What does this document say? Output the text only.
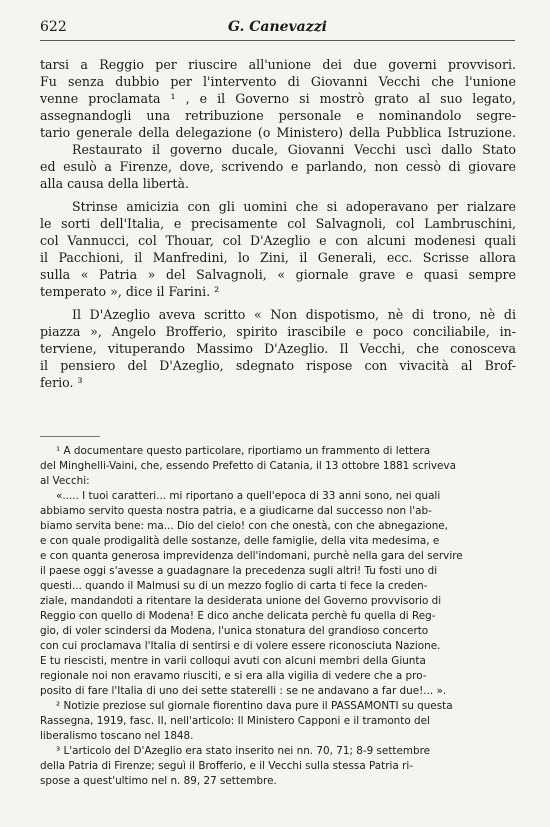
622	G. Canevazzi
tarsi a Reggio per riuscire all'unione dei due governi provvisori.
Fu senza dubbio per l'intervento di Giovanni Vecchi che l'unione
venne proclamata ¹ , e il Governo si mostrò grato al suo legato,
assegnandogli una retribuzione personale e nominandolo segre-
tario generale della delegazione (o Ministero) della Pubblica Istruzione.
Restaurato il governo ducale, Giovanni Vecchi uscì dallo Stato
ed esulò a Firenze, dove, scrivendo e parlando, non cessò di giovare
alla causa della libertà.
Strinse amicizia con gli uomini che si adoperavano per rialzare
le sorti dell'Italia, e precisamente col Salvagnoli, col Lambruschini,
col Vannucci, col Thouar, col D'Azeglio e con alcuni modenesi quali
il Pacchioni, il Manfredini, lo Zini, il Generali, ecc. Scrisse allora
sulla « Patria » del Salvagnoli, « giornale grave e quasi sempre
temperato », dice il Farini. ²
Il D'Azeglio aveva scritto « Non dispotismo, nè di trono, nè di
piazza », Angelo Brofferio, spirito irascibile e poco conciliabile, in-
terviene, vituperando Massimo D'Azeglio. Il Vecchi, che conosceva
il pensiero del D'Azeglio, sdegnato rispose con vivacità al Brof-
ferio. ³
¹ A documentare questo particolare, riportiamo un frammento di lettera
del Minghelli-Vaini, che, essendo Prefetto di Catania, il 13 ottobre 1881 scriveva
al Vecchi:
«..... I tuoi caratteri... mi riportano a quell'epoca di 33 anni sono, nei quali
abbiamo servito questa nostra patria, e a giudicarne dal successo non l'ab-
biamo servita bene: ma... Dio del cielo! con che onestà, con che abnegazione,
e con quale prodigalità delle sostanze, delle famiglie, della vita medesima, e
e con quanta generosa imprevidenza dell'indomani, purchè nella gara del servire
il paese oggi s'avesse a guadagnare la precedenza sugli altri! Tu fosti uno di
questi... quando il Malmusi su di un mezzo foglio di carta ti fece la creden-
ziale, mandandoti a ritentare la desiderata unione del Governo provvisorio di
Reggio con quello di Modena! E dico anche delicata perchè fu quella di Reg-
gio, di voler scindersi da Modena, l'unica stonatura del grandioso concerto
con cui proclamava l'Italia di sentirsi e di volere essere riconosciuta Nazione.
E tu riescisti, mentre in varii colloqui avuti con alcuni membri della Giunta
regionale noi non eravamo riusciti, e si era alla vigilia di vedere che a pro-
posito di fare l'Italia di uno dei sette staterelli : se ne andavano a far due!... ».
² Notizie preziose sul giornale fiorentino dava pure il PASSAMONTI su questa
Rassegna, 1919, fasc. II, nell'articolo: Il Ministero Capponi e il tramonto del
liberalismo toscano nel 1848.
³ L'articolo del D'Azeglio era stato inserito nei nn. 70, 71; 8-9 settembre
della Patria di Firenze; seguì il Brofferio, e il Vecchi sulla stessa Patria ri-
spose a quest'ultimo nel n. 89, 27 settembre.
